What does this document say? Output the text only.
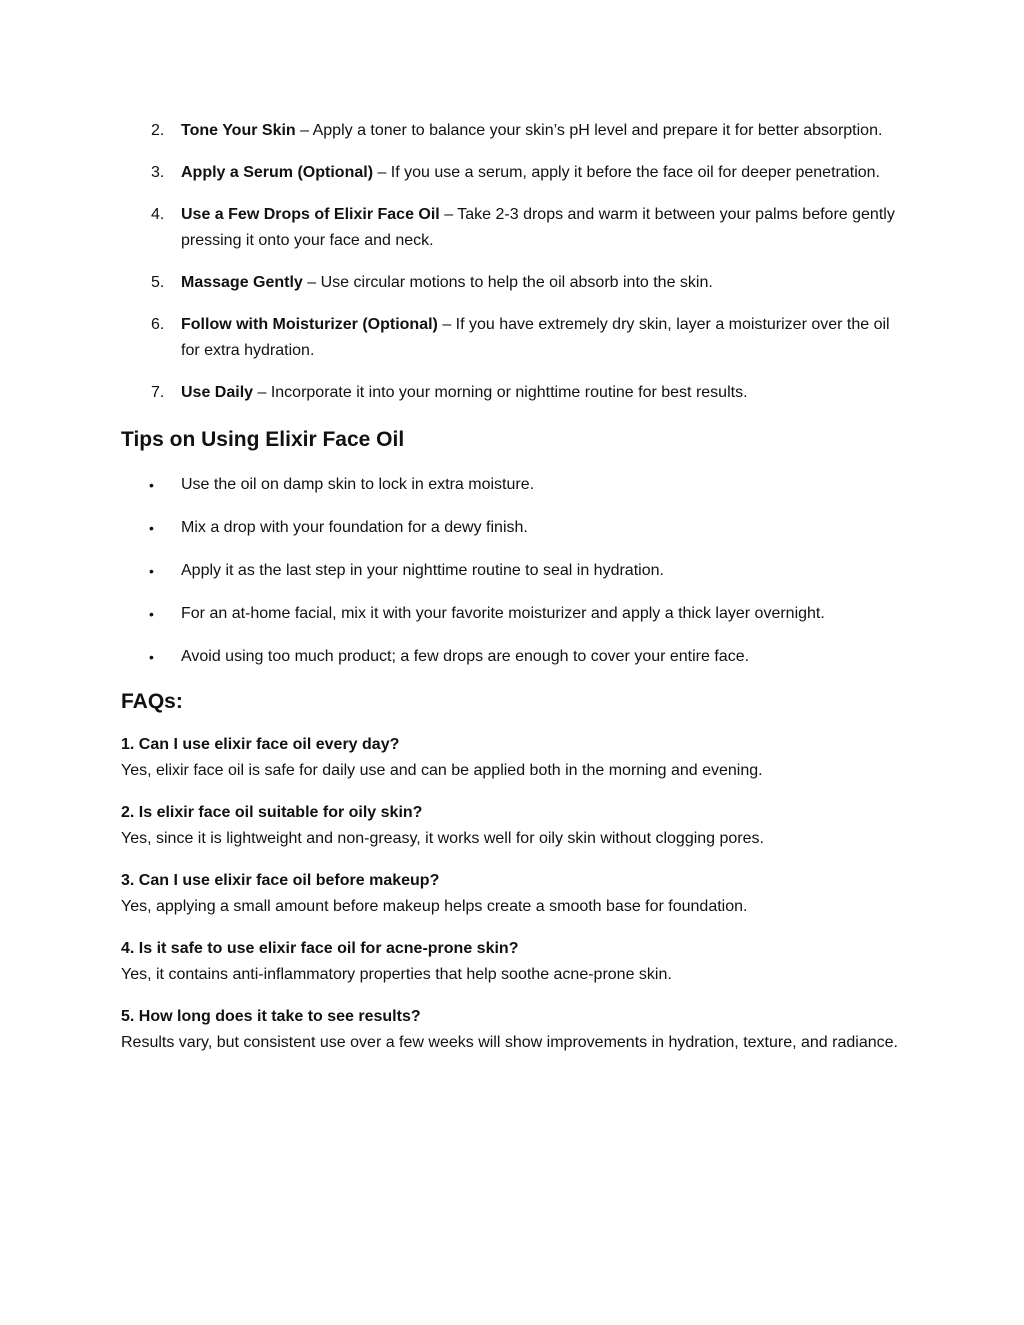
2. Tone Your Skin – Apply a toner to balance your skin’s pH level and prepare it for better absorption.
3. Apply a Serum (Optional) – If you use a serum, apply it before the face oil for deeper penetration.
4. Use a Few Drops of Elixir Face Oil – Take 2-3 drops and warm it between your palms before gently pressing it onto your face and neck.
5. Massage Gently – Use circular motions to help the oil absorb into the skin.
6. Follow with Moisturizer (Optional) – If you have extremely dry skin, layer a moisturizer over the oil for extra hydration.
7. Use Daily – Incorporate it into your morning or nighttime routine for best results.
Tips on Using Elixir Face Oil
• Use the oil on damp skin to lock in extra moisture.
• Mix a drop with your foundation for a dewy finish.
• Apply it as the last step in your nighttime routine to seal in hydration.
• For an at-home facial, mix it with your favorite moisturizer and apply a thick layer overnight.
• Avoid using too much product; a few drops are enough to cover your entire face.
FAQs:
1. Can I use elixir face oil every day?
Yes, elixir face oil is safe for daily use and can be applied both in the morning and evening.
2. Is elixir face oil suitable for oily skin?
Yes, since it is lightweight and non-greasy, it works well for oily skin without clogging pores.
3. Can I use elixir face oil before makeup?
Yes, applying a small amount before makeup helps create a smooth base for foundation.
4. Is it safe to use elixir face oil for acne-prone skin?
Yes, it contains anti-inflammatory properties that help soothe acne-prone skin.
5. How long does it take to see results?
Results vary, but consistent use over a few weeks will show improvements in hydration, texture, and radiance.
